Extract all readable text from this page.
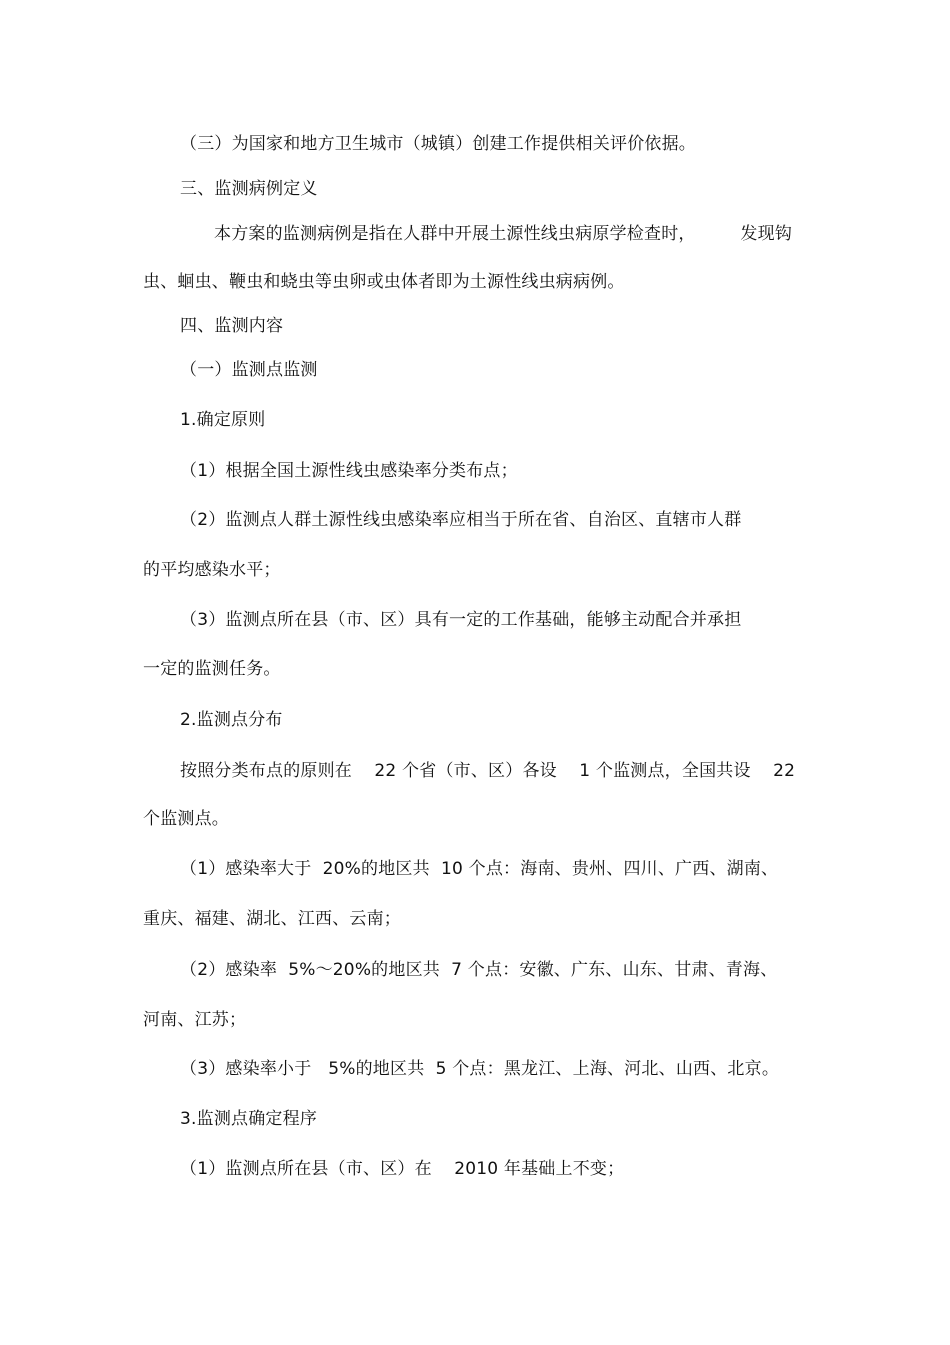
（三）为国家和地方卫生城市（城镇）创建工作提供相关评价依据。
三、监测病例定义
本方案的监测病例是指在人群中开展土源性线虫病原学检查时，        发现钩
虫、蛔虫、鞭虫和蛲虫等虫卵或虫体者即为土源性线虫病病例。
四、监测内容
（一）监测点监测
1.确定原则
（1）根据全国土源性线虫感染率分类布点；
（2）监测点人群土源性线虫感染率应相当于所在省、自治区、直辖市人群
的平均感染水平；
（3）监测点所在县（市、区）具有一定的工作基础，能够主动配合并承担
一定的监测任务。
2.监测点分布
按照分类布点的原则在    22 个省（市、区）各设    1 个监测点，全国共设    22
个监测点。
（1）感染率大于  20%的地区共  10 个点：海南、贵州、四川、广西、湖南、
重庆、福建、湖北、江西、云南；
（2）感染率  5%～20%的地区共  7 个点：安徽、广东、山东、甘肃、青海、
河南、江苏；
（3）感染率小于   5%的地区共  5 个点：黑龙江、上海、河北、山西、北京。
3.监测点确定程序
（1）监测点所在县（市、区）在    2010 年基础上不变；
